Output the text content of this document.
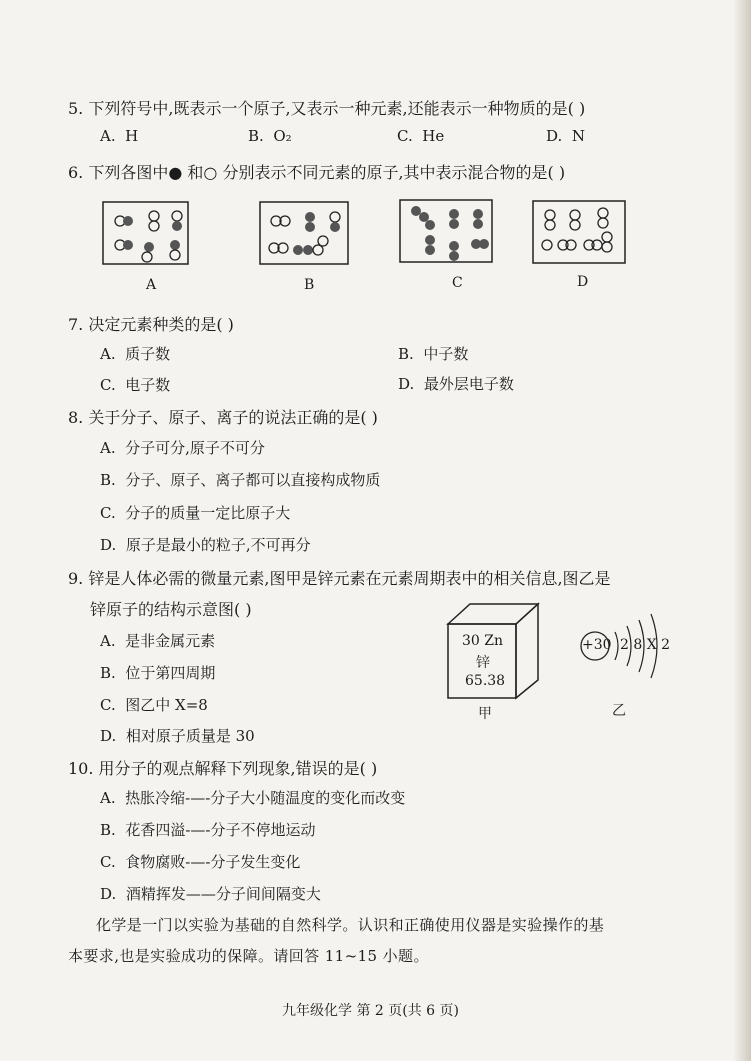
5. 下列符号中,既表示一个原子,又表示一种元素,还能表示一种物质的是( )
A. H	B. O₂	C. He	D. N
6. 下列各图中● 和○ 分别表示不同元素的原子,其中表示混合物的是( )
A	B	C	D
7. 决定元素种类的是( )
A. 质子数	B. 中子数
C. 电子数	D. 最外层电子数
8. 关于分子、原子、离子的说法正确的是( )
A. 分子可分,原子不可分
B. 分子、原子、离子都可以直接构成物质
C. 分子的质量一定比原子大
D. 原子是最小的粒子,不可再分
9. 锌是人体必需的微量元素,图甲是锌元素在元素周期表中的相关信息,图乙是
锌原子的结构示意图( )
A. 是非金属元素
B. 位于第四周期
C. 图乙中 X=8
D. 相对原子质量是 30
30 Zn
锌
65.38
甲
+30 2 8 X 2
乙
10. 用分子的观点解释下列现象,错误的是( )
A. 热胀冷缩-—-分子大小随温度的变化而改变
B. 花香四溢-—-分子不停地运动
C. 食物腐败-—-分子发生变化
D. 酒精挥发——分子间间隔变大
化学是一门以实验为基础的自然科学。认识和正确使用仪器是实验操作的基
本要求,也是实验成功的保障。请回答 11~15 小题。
九年级化学 第 2 页(共 6 页)
